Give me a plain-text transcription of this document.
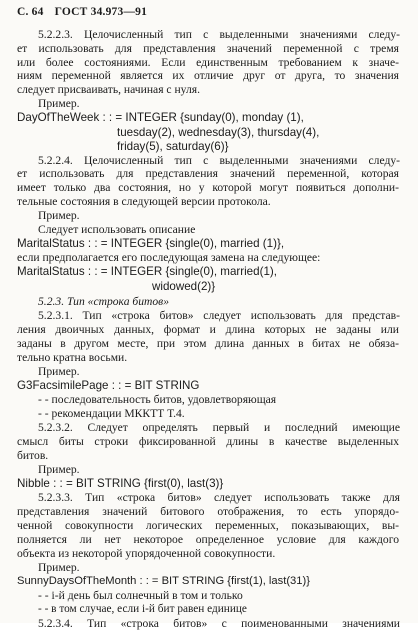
С. 64 ГОСТ 34.973—91
5.2.2.3. Целочисленный тип с выделенными значениями следу-
ет использовать для представления значений переменной с тремя
или более состояниями. Если единственным требованием к значе-
ниям переменной является их отличие друг от друга, то значения
следует присваивать, начиная с нуля.
Пример.
DayOfTheWeek : : = INTEGER {sunday(0), monday (1),
tuesday(2), wednesday(3), thursday(4),
friday(5), saturday(6)}
5.2.2.4. Целочисленный тип с выделенными значениями следу-
ет использовать для представления значений переменной, которая
имеет только два состояния, но у которой могут появиться дополни-
тельные состояния в следующей версии протокола.
Пример.
Следует использовать описание
MaritalStatus : : = INTEGER {single(0), married (1)},
если предполагается его последующая замена на следующее:
MaritalStatus : : = INTEGER {single(0), married(1),
widowed(2)}
5.2.3. Тип «строка битов»
5.2.3.1. Тип «строка битов» следует использовать для представ-
ления двоичных данных, формат и длина которых не заданы или
заданы в другом месте, при этом длина данных в битах не обяза-
тельно кратна восьми.
Пример.
G3FacsimilePage : : = BIT STRING
- - последовательность битов, удовлетворяющая
- - рекомендации МККТТ Т.4.
5.2.3.2. Следует определять первый и последний имеющие
смысл биты строки фиксированной длины в качестве выделенных
битов.
Пример.
Nibble : : = BIT STRING {first(0), last(3)}
5.2.3.3. Тип «строка битов» следует использовать также для
представления значений битового отображения, то есть упорядо-
ченной совокупности логических переменных, показывающих, вы-
полняется ли нет некоторое определенное условие для каждого
объекта из некоторой упорядоченной совокупности.
Пример.
SunnyDaysOfTheMonth : : = BIT STRING {first(1), last(31)}
- - i-й день был солнечный в том и только
- - в том случае, если i-й бит равен единице
5.2.3.4. Тип «строка битов» с поименованными значениями
